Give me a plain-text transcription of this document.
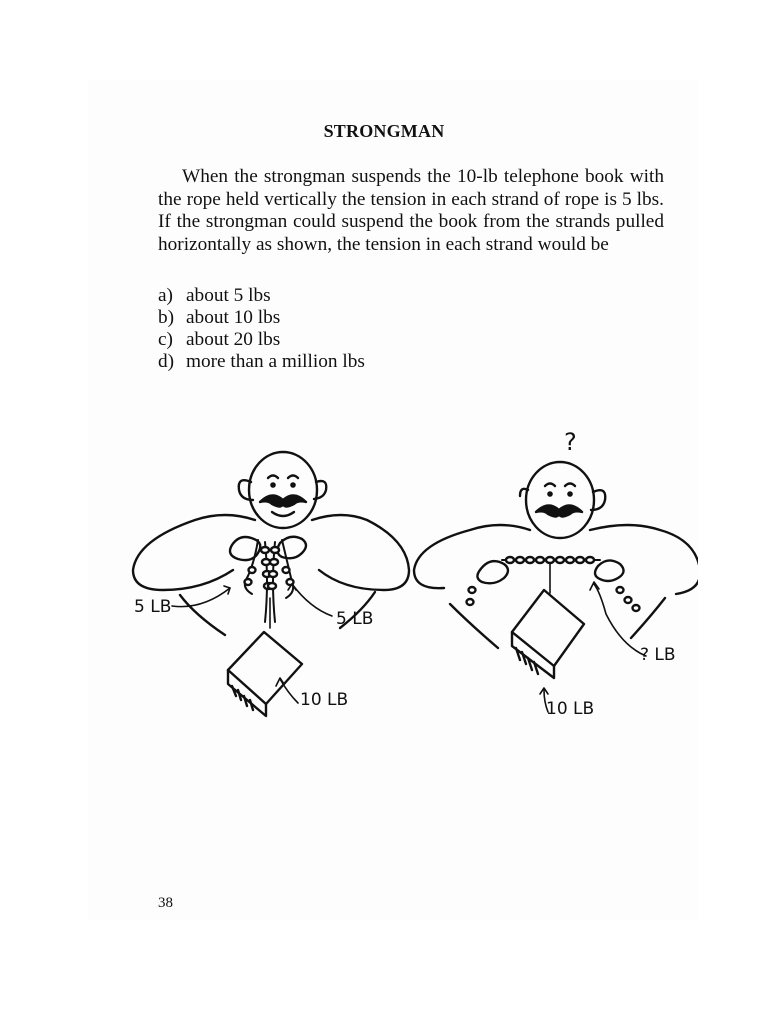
STRONGMAN
When the strongman suspends the 10-lb telephone book with the rope held vertically the tension in each strand of rope is 5 lbs. If the strongman could suspend the book from the strands pulled horizontally as shown, the tension in each strand would be
a) about 5 lbs
b) about 10 lbs
c) about 20 lbs
d) more than a million lbs
5 LB
5 LB
10 LB
?
? LB
10 LB
38
